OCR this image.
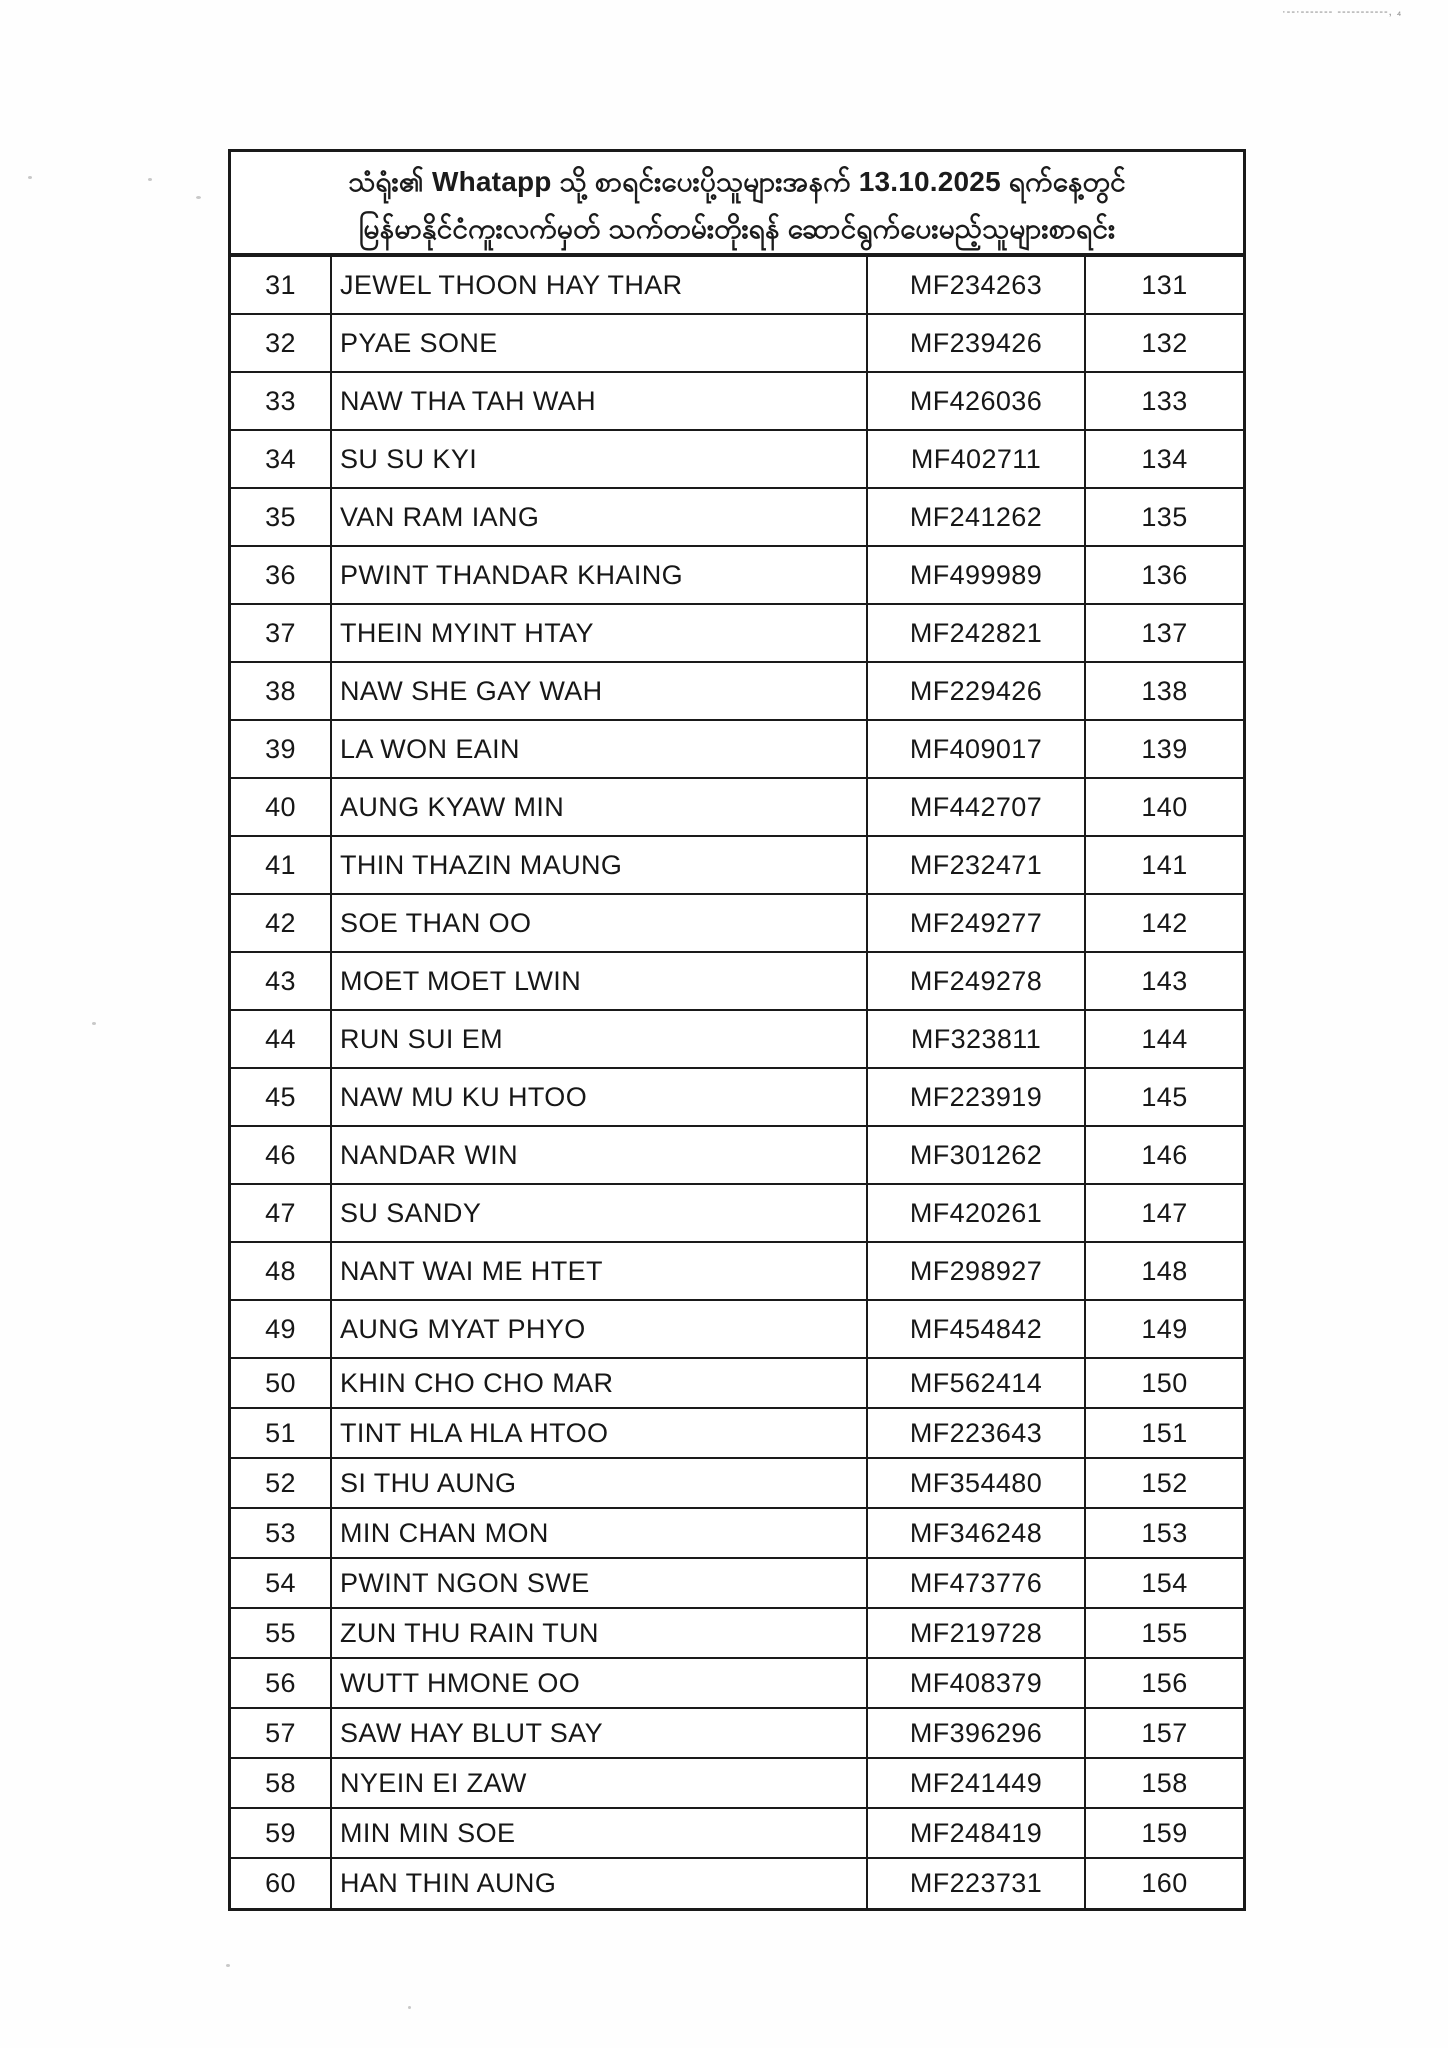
·--·------- -----------, ₄
သံရုံး၏ Whatapp သို့ စာရင်းပေးပို့သူများအနက် 13.10.2025 ရက်နေ့တွင်
မြန်မာနိုင်ငံကူးလက်မှတ် သက်တမ်းတိုးရန် ဆောင်ရွက်ပေးမည့်သူများစာရင်း
31	JEWEL THOON HAY THAR	MF234263	131
32	PYAE SONE	MF239426	132
33	NAW THA TAH WAH	MF426036	133
34	SU SU KYI	MF402711	134
35	VAN RAM IANG	MF241262	135
36	PWINT THANDAR KHAING	MF499989	136
37	THEIN MYINT HTAY	MF242821	137
38	NAW SHE GAY WAH	MF229426	138
39	LA WON EAIN	MF409017	139
40	AUNG KYAW MIN	MF442707	140
41	THIN THAZIN MAUNG	MF232471	141
42	SOE THAN OO	MF249277	142
43	MOET MOET LWIN	MF249278	143
44	RUN SUI EM	MF323811	144
45	NAW MU KU HTOO	MF223919	145
46	NANDAR WIN	MF301262	146
47	SU SANDY	MF420261	147
48	NANT WAI ME HTET	MF298927	148
49	AUNG MYAT PHYO	MF454842	149
50	KHIN CHO CHO MAR	MF562414	150
51	TINT HLA HLA HTOO	MF223643	151
52	SI THU AUNG	MF354480	152
53	MIN CHAN MON	MF346248	153
54	PWINT NGON SWE	MF473776	154
55	ZUN THU RAIN TUN	MF219728	155
56	WUTT HMONE OO	MF408379	156
57	SAW HAY BLUT SAY	MF396296	157
58	NYEIN EI ZAW	MF241449	158
59	MIN MIN SOE	MF248419	159
60	HAN THIN AUNG	MF223731	160
